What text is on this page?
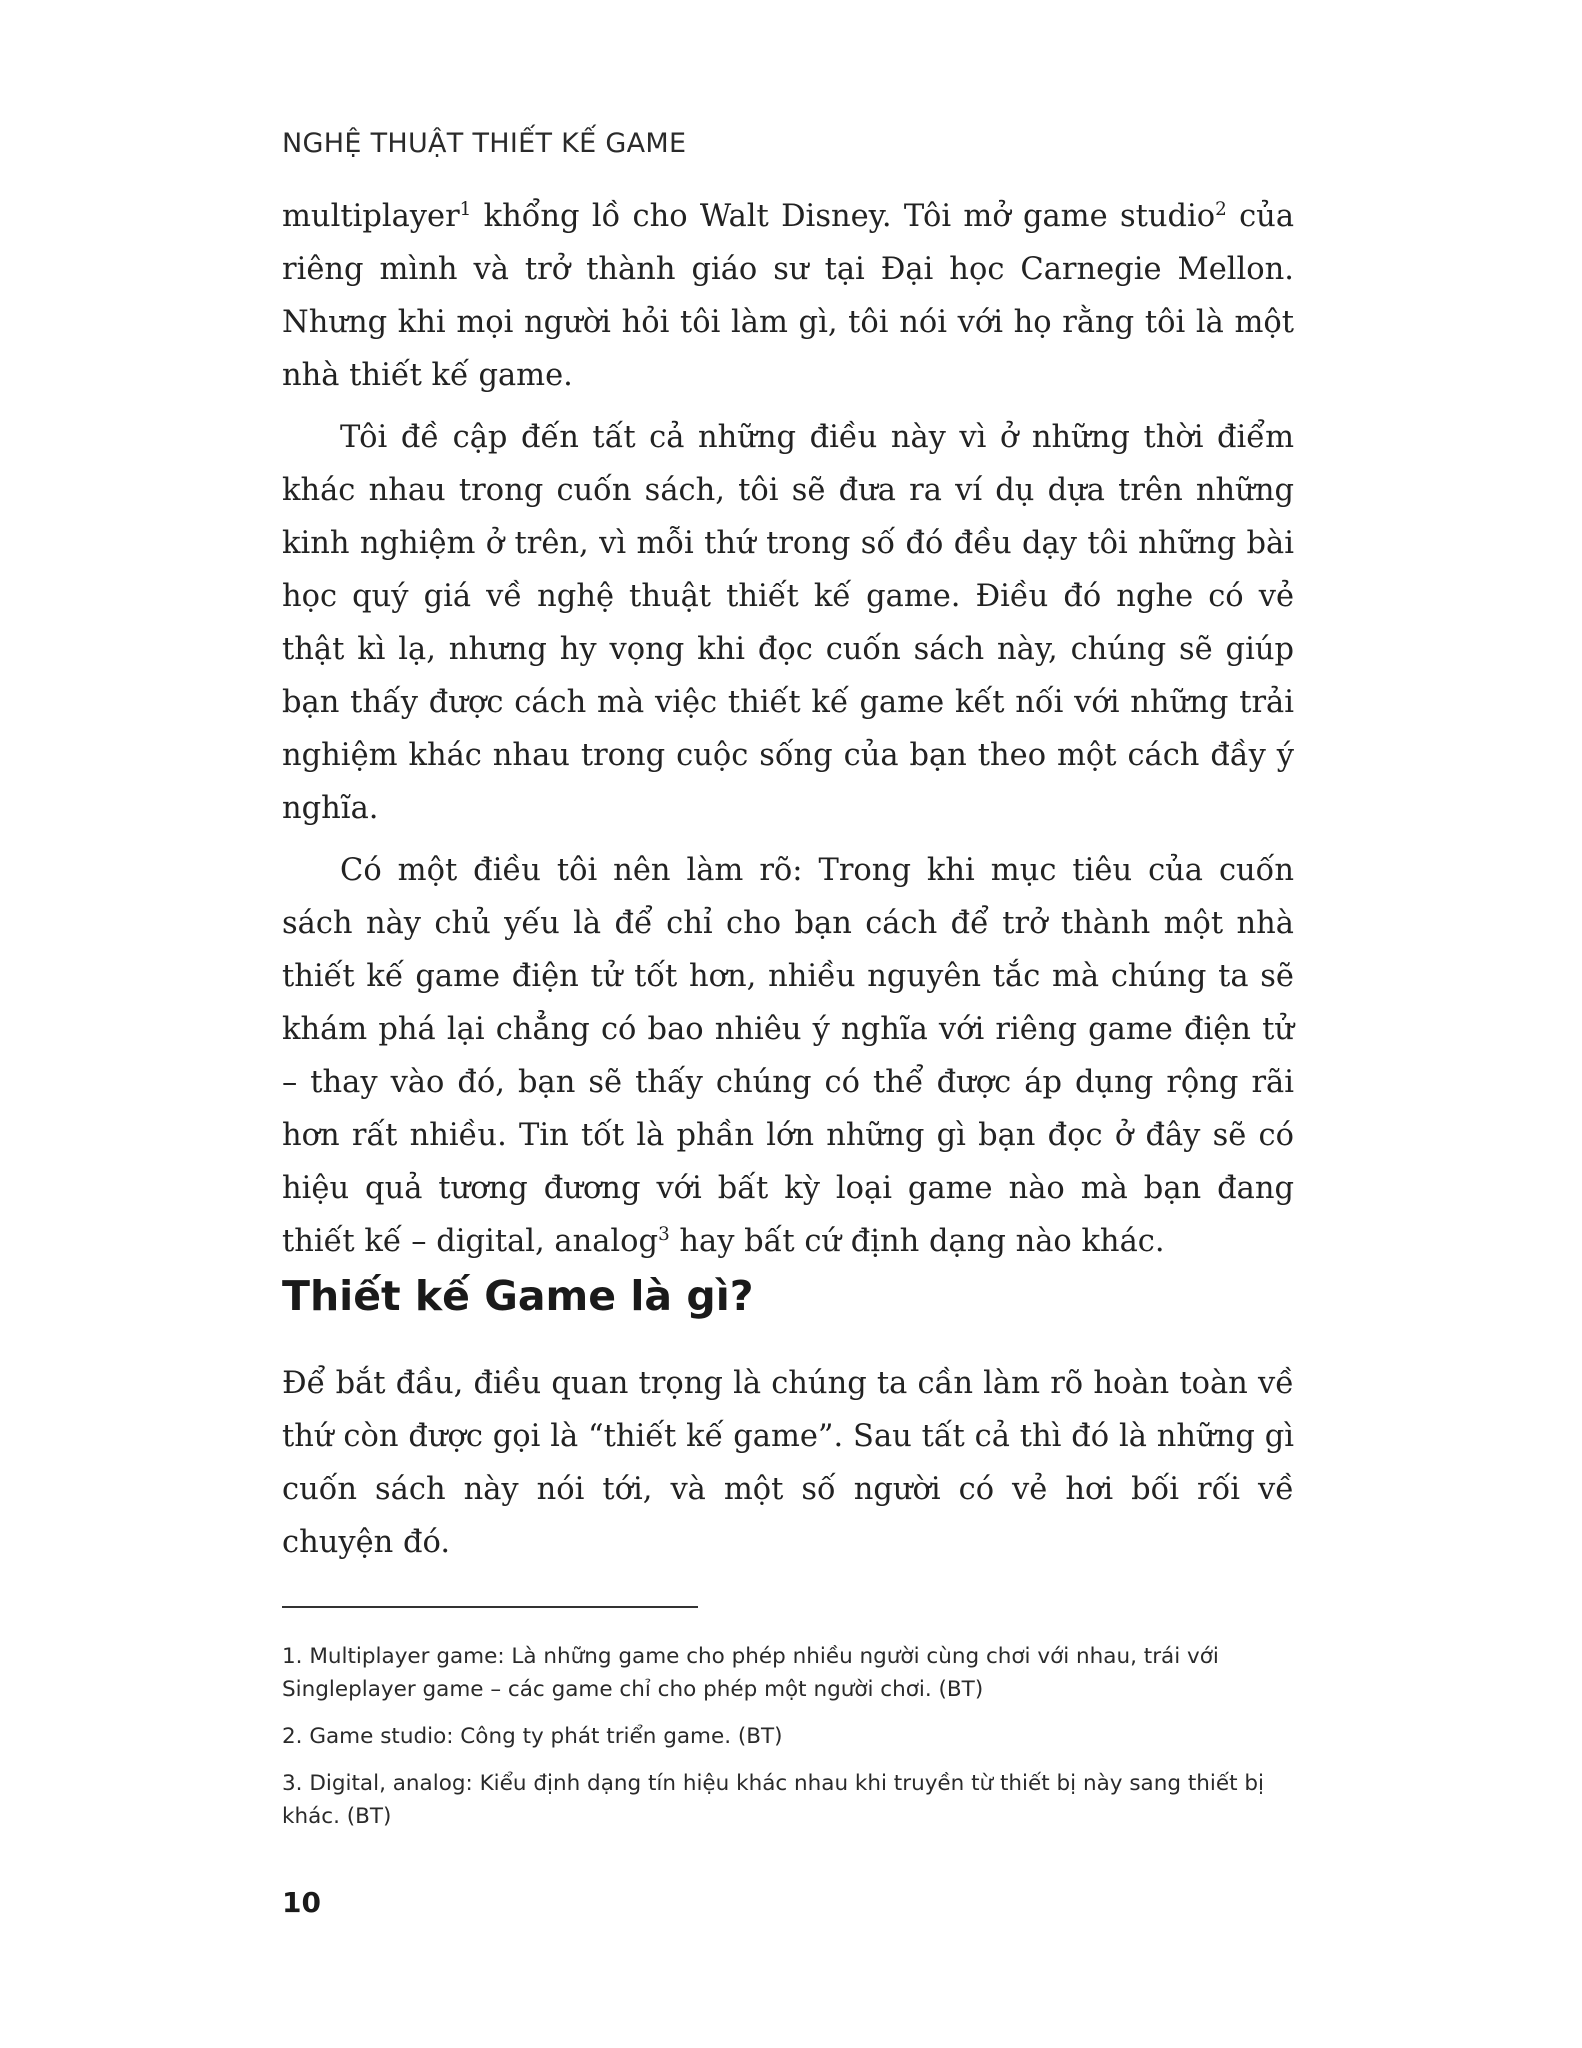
NGHỆ THUẬT THIẾT KẾ GAME

multiplayer$^1$ khổng lồ cho Walt Disney. Tôi mở game studio$^2$ của riêng mình và trở thành giáo sư tại Đại học Carnegie Mellon. Nhưng khi mọi người hỏi tôi làm gì, tôi nói với họ rằng tôi là một nhà thiết kế game.

Tôi đề cập đến tất cả những điều này vì ở những thời điểm khác nhau trong cuốn sách, tôi sẽ đưa ra ví dụ dựa trên những kinh nghiệm ở trên, vì mỗi thứ trong số đó đều dạy tôi những bài học quý giá về nghệ thuật thiết kế game. Điều đó nghe có vẻ thật kì lạ, nhưng hy vọng khi đọc cuốn sách này, chúng sẽ giúp bạn thấy được cách mà việc thiết kế game kết nối với những trải nghiệm khác nhau trong cuộc sống của bạn theo một cách đầy ý nghĩa.

Có một điều tôi nên làm rõ: Trong khi mục tiêu của cuốn sách này chủ yếu là để chỉ cho bạn cách để trở thành một nhà thiết kế game điện tử tốt hơn, nhiều nguyên tắc mà chúng ta sẽ khám phá lại chẳng có bao nhiêu ý nghĩa với riêng game điện tử – thay vào đó, bạn sẽ thấy chúng có thể được áp dụng rộng rãi hơn rất nhiều. Tin tốt là phần lớn những gì bạn đọc ở đây sẽ có hiệu quả tương đương với bất kỳ loại game nào mà bạn đang thiết kế – digital, analog$^3$ hay bất cứ định dạng nào khác.

Thiết kế Game là gì?

Để bắt đầu, điều quan trọng là chúng ta cần làm rõ hoàn toàn về thứ còn được gọi là “thiết kế game”. Sau tất cả thì đó là những gì cuốn sách này nói tới, và một số người có vẻ hơi bối rối về chuyện đó.

1. Multiplayer game: Là những game cho phép nhiều người cùng chơi với nhau, trái với Singleplayer game – các game chỉ cho phép một người chơi. (BT)
2. Game studio: Công ty phát triển game. (BT)
3. Digital, analog: Kiểu định dạng tín hiệu khác nhau khi truyền từ thiết bị này sang thiết bị khác. (BT)
10
